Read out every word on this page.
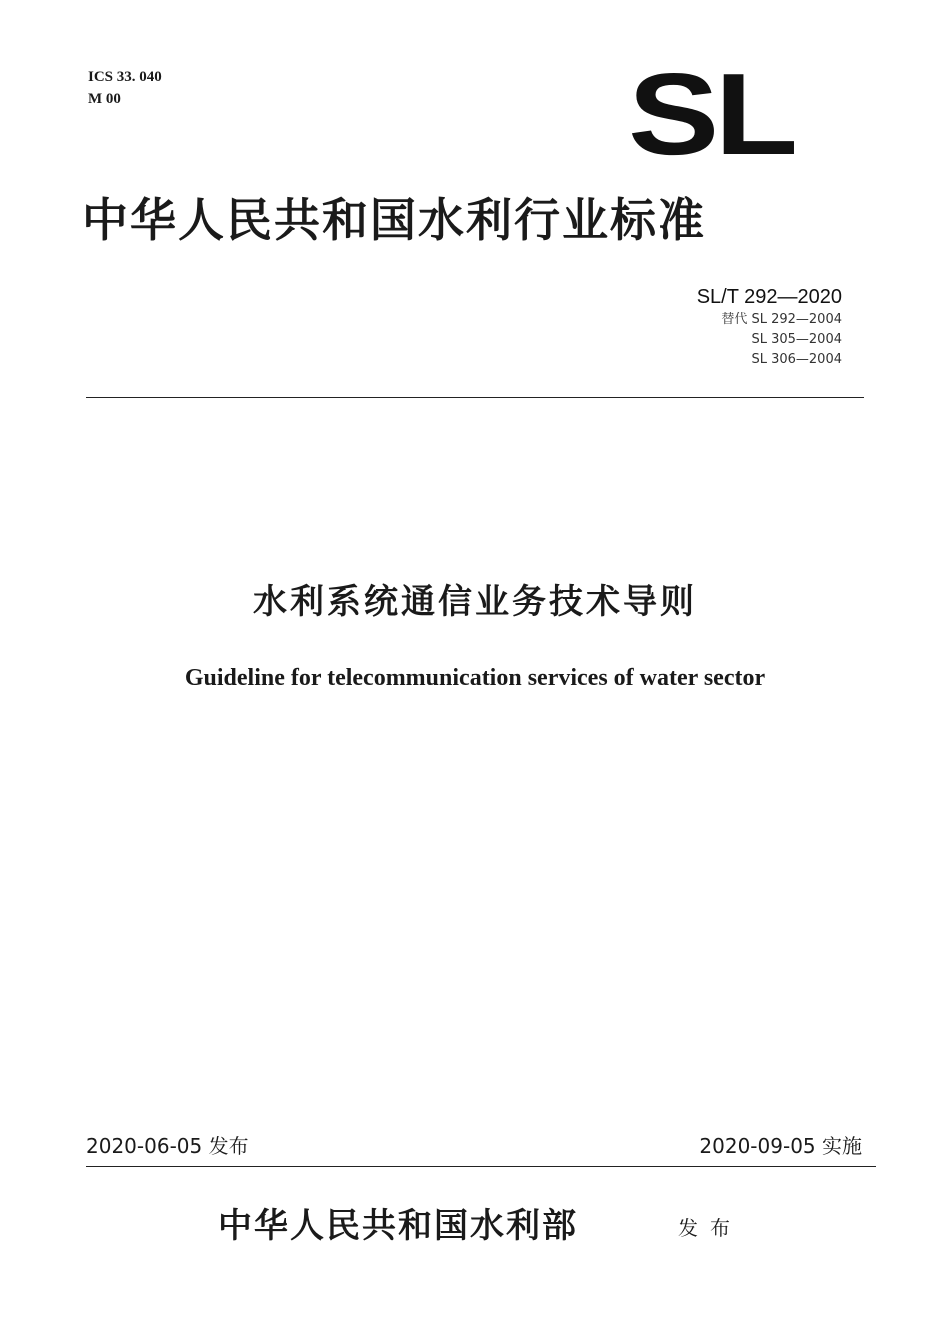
ICS 33. 040
M 00	SL
中华人民共和国水利行业标准
SL/T 292—2020
替代 SL 292—2004
SL 305—2004
SL 306—2004
水利系统通信业务技术导则
Guideline for telecommunication services of water sector
2020-06-05 发布	2020-09-05 实施
中华人民共和国水利部	发布
